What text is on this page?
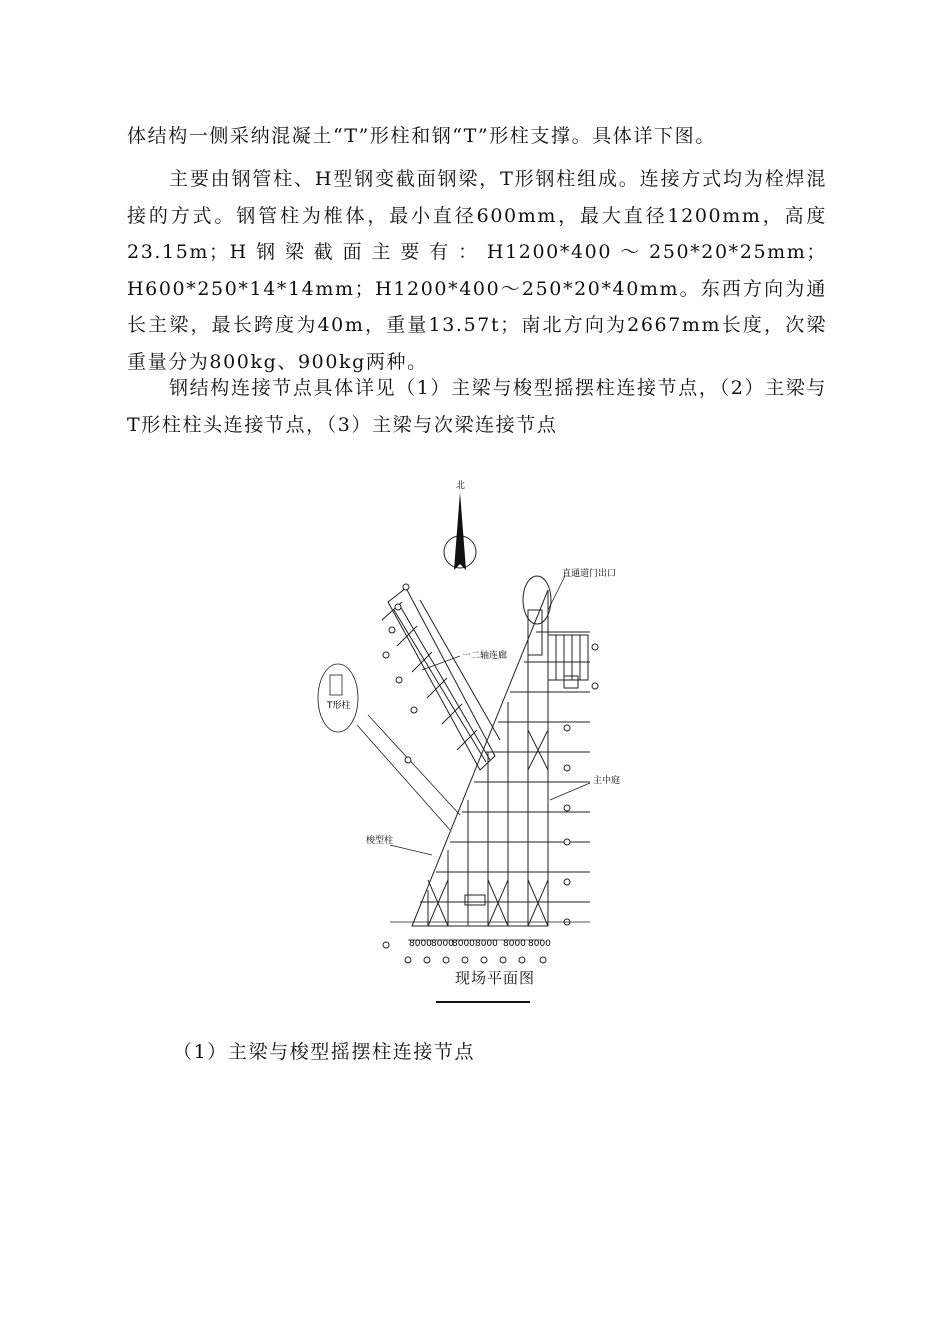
体结构一侧采纳混凝土“T”形柱和钢“T”形柱支撑。具体详下图。

主要由钢管柱、H型钢变截面钢梁，T形钢柱组成。连接方式均为栓焊混接的方式。钢管柱为椎体，最小直径600mm，最大直径1200mm，高度23.15m；H钢梁截面主要有：H1200*400～250*20*25mm；H600*250*14*14mm；H1200*400～250*20*40mm。东西方向为通长主梁，最长跨度为40m，重量13.57t；南北方向为2667mm长度，次梁重量分为800kg、900kg两种。

钢结构连接节点具体详见（1）主梁与梭型摇摆柱连接节点，（2）主梁与T形柱柱头连接节点，（3）主梁与次梁连接节点

北
直通道门出口
一二轴连廊
主中庭
梭型柱
T形柱
8000 8000
8000 8000 8000 8000
现场平面图
（1）主梁与梭型摇摆柱连接节点
